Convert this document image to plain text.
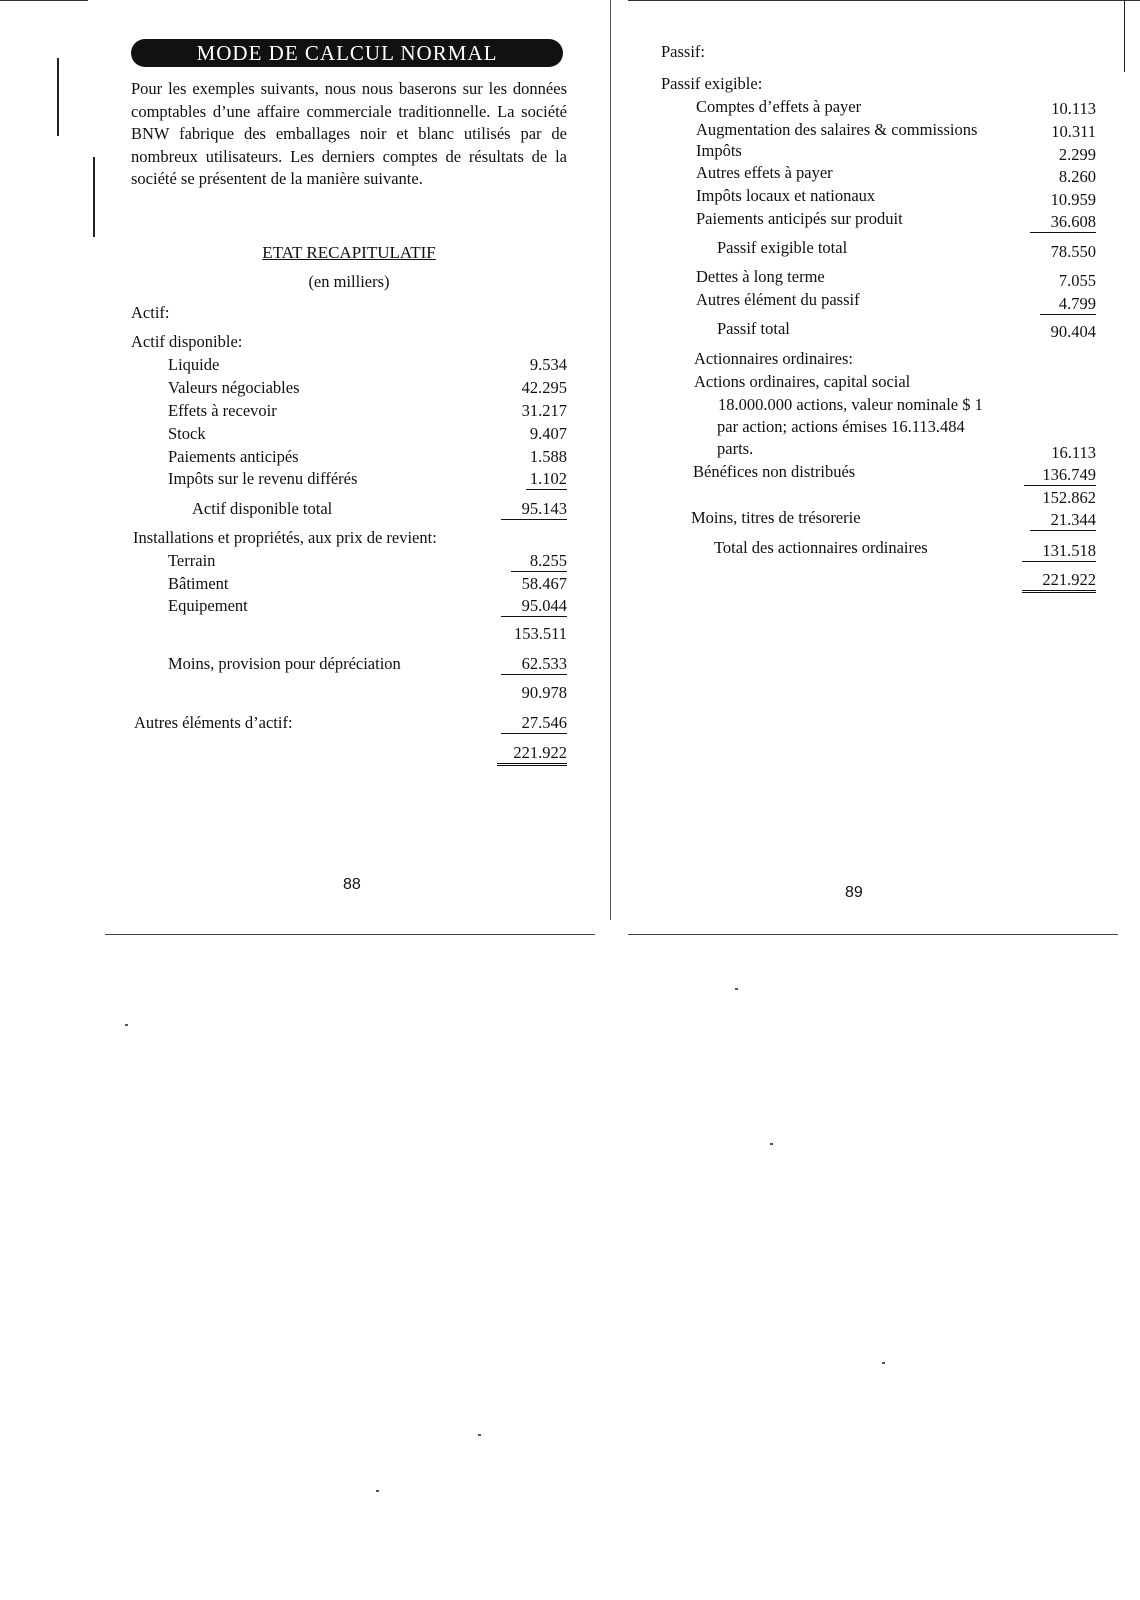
MODE DE CALCUL NORMAL
Pour les exemples suivants, nous nous baserons sur les données comptables d’une affaire commerciale traditionnelle. La société BNW fabrique des emballages noir et blanc utilisés par de nombreux utilisateurs. Les derniers comptes de résultats de la société se présentent de la manière suivante.
ETAT RECAPITULATIF
(en milliers)
Actif:
Actif disponible:
Liquide	9.534
Valeurs négociables	42.295
Effets à recevoir	31.217
Stock	9.407
Paiements anticipés	1.588
Impôts sur le revenu différés	1.102
Actif disponible total	95.143
Installations et propriétés, aux prix de revient:
Terrain	8.255
Bâtiment	58.467
Equipement	95.044
153.511
Moins, provision pour dépréciation	62.533
90.978
Autres éléments d’actif:	27.546
221.922
88
Passif:
Passif exigible:
Comptes d’effets à payer	10.113
Augmentation des salaires & commissions	10.311
Impôts	2.299
Autres effets à payer	8.260
Impôts locaux et nationaux	10.959
Paiements anticipés sur produit	36.608
Passif exigible total	78.550
Dettes à long terme	7.055
Autres élément du passif	4.799
Passif total	90.404
Actionnaires ordinaires:
Actions ordinaires, capital social
18.000.000 actions, valeur nominale $ 1
par action; actions émises 16.113.484
parts.	16.113
Bénéfices non distribués	136.749
152.862
Moins, titres de trésorerie	21.344
Total des actionnaires ordinaires	131.518
221.922
89
